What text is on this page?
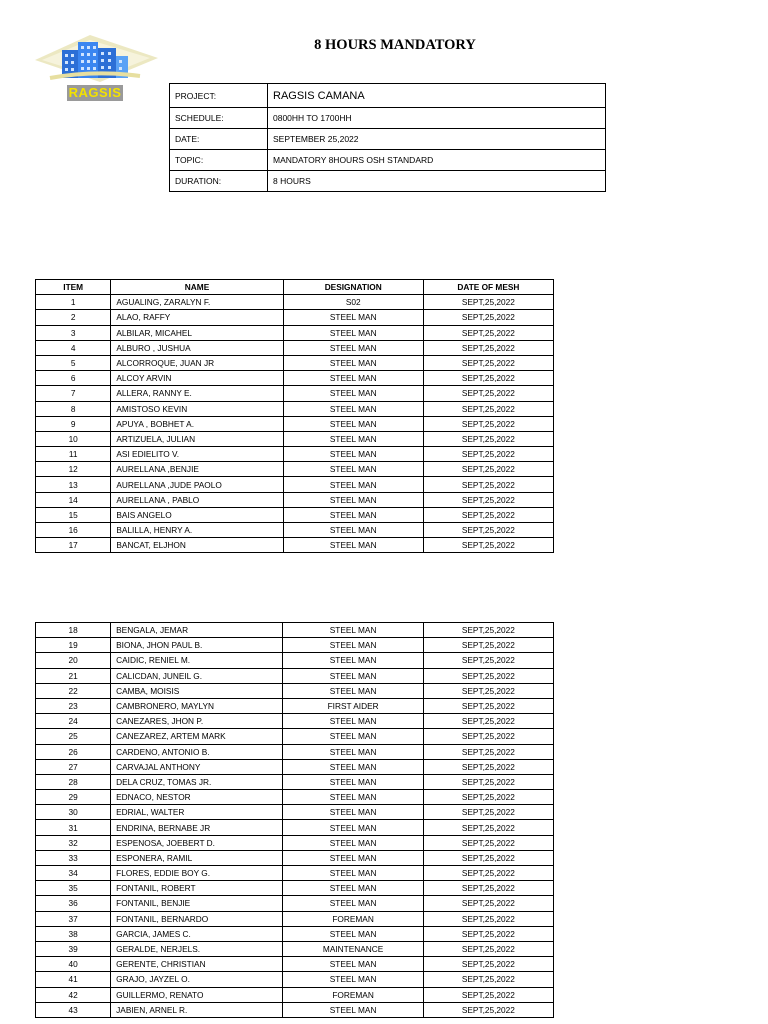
RAGSIS
8 HOURS MANDATORY
PROJECT:	RAGSIS CAMANA
SCHEDULE:	0800HH TO 1700HH
DATE:	SEPTEMBER 25,2022
TOPIC:	MANDATORY 8HOURS OSH STANDARD
DURATION:	8 HOURS
ITEM	NAME	DESIGNATION	DATE OF MESH
1	AGUALING, ZARALYN F.	S02	SEPT,25,2022
2	ALAO, RAFFY	STEEL MAN	SEPT,25,2022
3	ALBILAR, MICAHEL	STEEL MAN	SEPT,25,2022
4	ALBURO , JUSHUA	STEEL MAN	SEPT,25,2022
5	ALCORROQUE, JUAN JR	STEEL MAN	SEPT,25,2022
6	ALCOY ARVIN	STEEL MAN	SEPT,25,2022
7	ALLERA, RANNY E.	STEEL MAN	SEPT,25,2022
8	AMISTOSO KEVIN	STEEL MAN	SEPT,25,2022
9	APUYA , BOBHET A.	STEEL MAN	SEPT,25,2022
10	ARTIZUELA, JULIAN	STEEL MAN	SEPT,25,2022
11	ASI EDIELITO V.	STEEL MAN	SEPT,25,2022
12	AURELLANA ,BENJIE	STEEL MAN	SEPT,25,2022
13	AURELLANA ,JUDE PAOLO	STEEL MAN	SEPT,25,2022
14	AURELLANA , PABLO	STEEL MAN	SEPT,25,2022
15	BAIS ANGELO	STEEL MAN	SEPT,25,2022
16	BALILLA, HENRY A.	STEEL MAN	SEPT,25,2022
17	BANCAT, ELJHON	STEEL MAN	SEPT,25,2022
18	BENGALA, JEMAR	STEEL MAN	SEPT,25,2022
19	BIONA, JHON PAUL B.	STEEL MAN	SEPT,25,2022
20	CAIDIC, RENIEL M.	STEEL MAN	SEPT,25,2022
21	CALICDAN, JUNEIL G.	STEEL MAN	SEPT,25,2022
22	CAMBA, MOISIS	STEEL MAN	SEPT,25,2022
23	CAMBRONERO, MAYLYN	FIRST AIDER	SEPT,25,2022
24	CANEZARES, JHON P.	STEEL MAN	SEPT,25,2022
25	CANEZAREZ, ARTEM MARK	STEEL MAN	SEPT,25,2022
26	CARDENO, ANTONIO B.	STEEL MAN	SEPT,25,2022
27	CARVAJAL ANTHONY	STEEL MAN	SEPT,25,2022
28	DELA CRUZ, TOMAS JR.	STEEL MAN	SEPT,25,2022
29	EDNACO, NESTOR	STEEL MAN	SEPT,25,2022
30	EDRIAL, WALTER	STEEL MAN	SEPT,25,2022
31	ENDRINA, BERNABE JR	STEEL MAN	SEPT,25,2022
32	ESPENOSA, JOEBERT D.	STEEL MAN	SEPT,25,2022
33	ESPONERA, RAMIL	STEEL MAN	SEPT,25,2022
34	FLORES, EDDIE BOY G.	STEEL MAN	SEPT,25,2022
35	FONTANIL, ROBERT	STEEL MAN	SEPT,25,2022
36	FONTANIL, BENJIE	STEEL MAN	SEPT,25,2022
37	FONTANIL, BERNARDO	FOREMAN	SEPT,25,2022
38	GARCIA, JAMES C.	STEEL MAN	SEPT,25,2022
39	GERALDE, NERJELS.	MAINTENANCE	SEPT,25,2022
40	GERENTE, CHRISTIAN	STEEL MAN	SEPT,25,2022
41	GRAJO, JAYZEL O.	STEEL MAN	SEPT,25,2022
42	GUILLERMO, RENATO	FOREMAN	SEPT,25,2022
43	JABIEN, ARNEL R.	STEEL MAN	SEPT,25,2022
